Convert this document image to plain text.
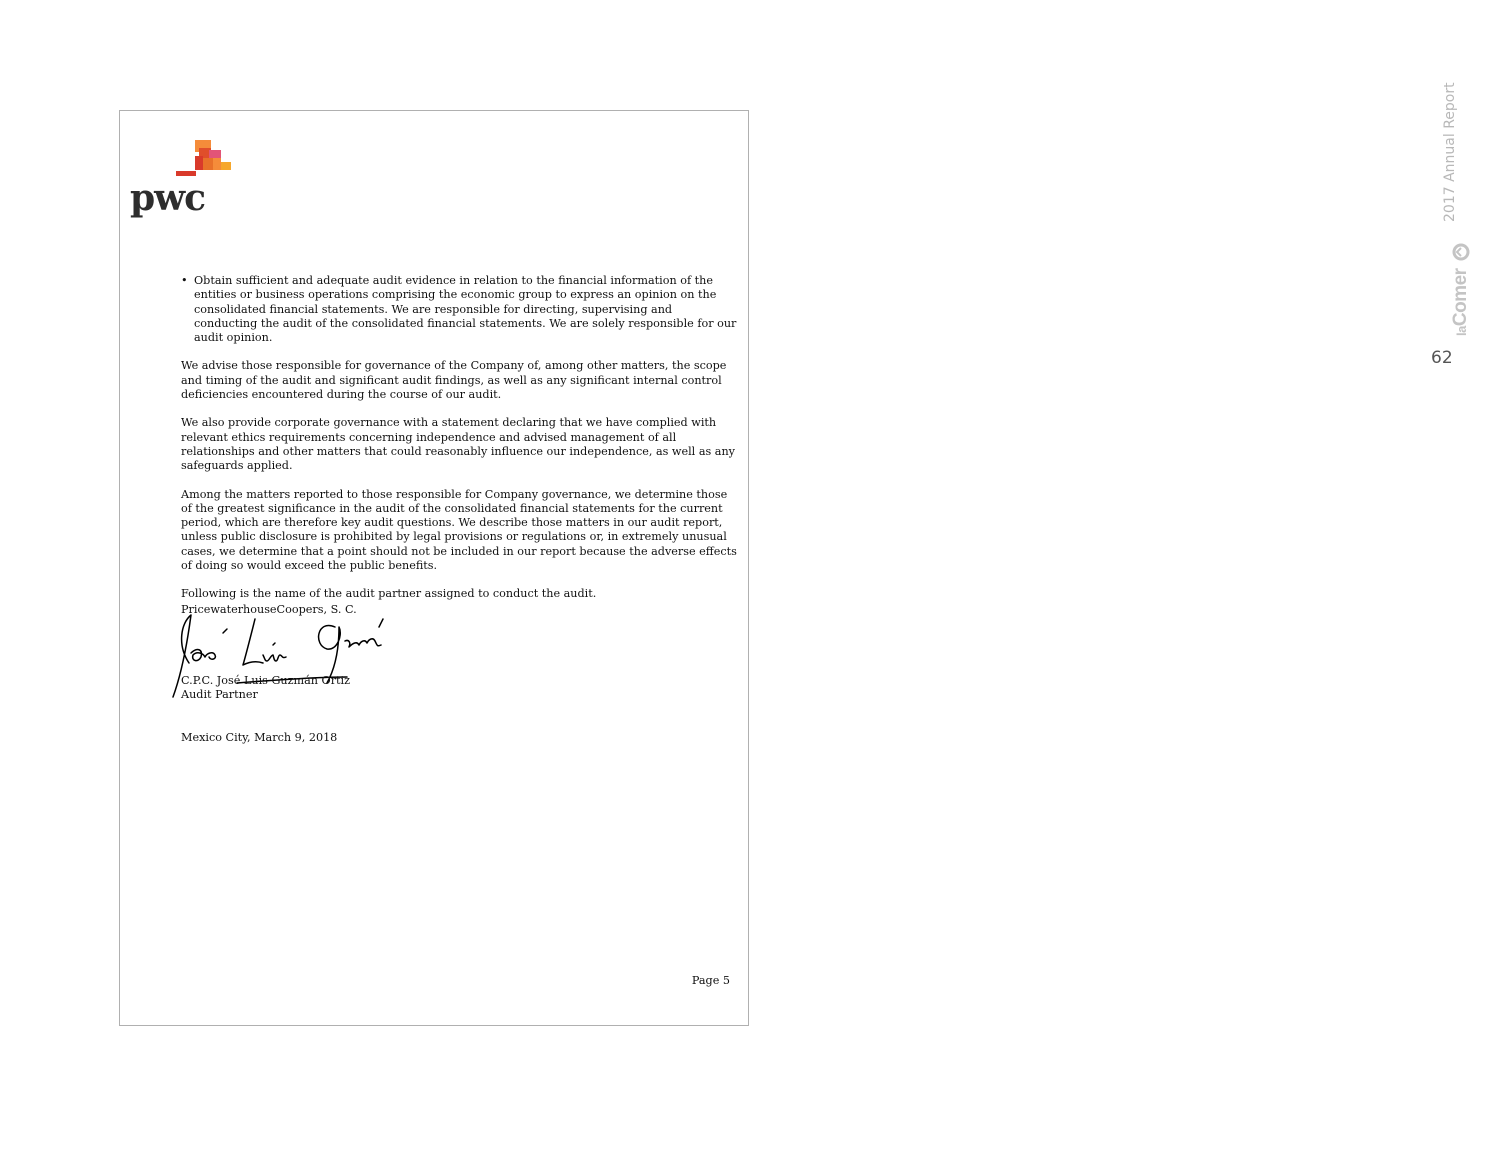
pwc
• Obtain sufficient and adequate audit evidence in relation to the financial information of the entities or business operations comprising the economic group to express an opinion on the consolidated financial statements. We are responsible for directing, supervising and conducting the audit of the consolidated financial statements. We are solely responsible for our audit opinion.

We advise those responsible for governance of the Company of, among other matters, the scope and timing of the audit and significant audit findings, as well as any significant internal control deficiencies encountered during the course of our audit.

We also provide corporate governance with a statement declaring that we have complied with relevant ethics requirements concerning independence and advised management of all relationships and other matters that could reasonably influence our independence, as well as any safeguards applied.

Among the matters reported to those responsible for Company governance, we determine those of the greatest significance in the audit of the consolidated financial statements for the current period, which are therefore key audit questions. We describe those matters in our audit report, unless public disclosure is prohibited by legal provisions or regulations or, in extremely unusual cases, we determine that a point should not be included in our report because the adverse effects of doing so would exceed the public benefits.

Following is the name of the audit partner assigned to conduct the audit.

PricewaterhouseCoopers, S. C.
C.P.C. José Luis Guzmán Ortiz
Audit Partner
Mexico City, March 9, 2018
Page 5
2017 Annual Report
laComer
62
